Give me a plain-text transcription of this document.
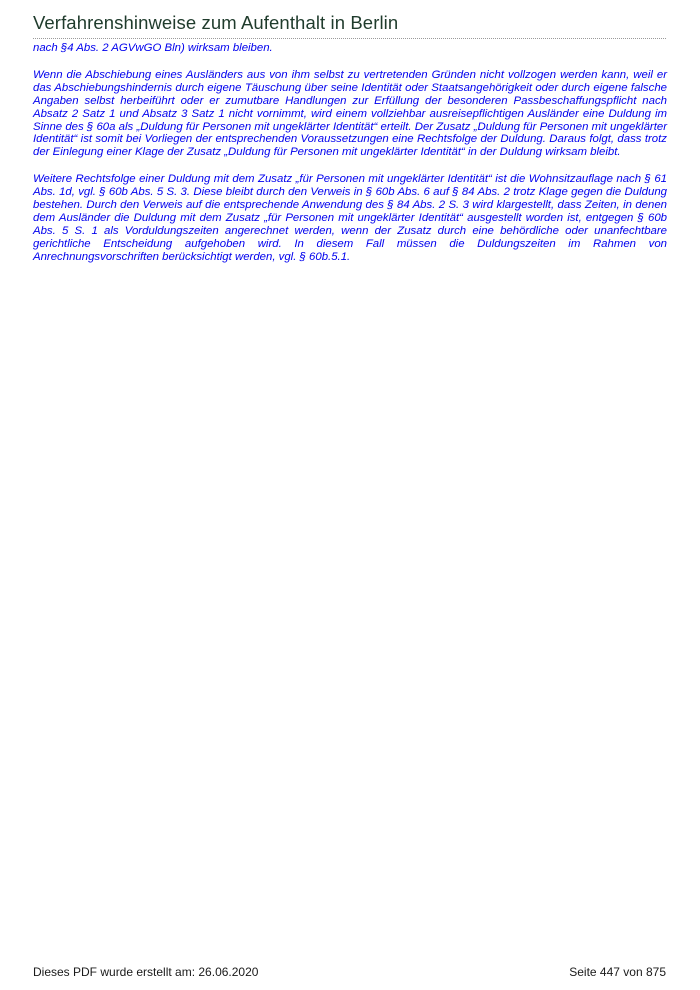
Verfahrenshinweise zum Aufenthalt in Berlin

nach §4 Abs. 2 AGVwGO Bln) wirksam bleiben.

Wenn die Abschiebung eines Ausländers aus von ihm selbst zu vertretenden Gründen nicht vollzogen werden kann, weil er das Abschiebungshindernis durch eigene Täuschung über seine Identität oder Staatsangehörigkeit oder durch eigene falsche Angaben selbst herbeiführt oder er zumutbare Handlungen zur Erfüllung der besonderen Passbeschaffungspflicht nach Absatz 2 Satz 1 und Absatz 3 Satz 1 nicht vornimmt, wird einem vollziehbar ausreisepflichtigen Ausländer eine Duldung im Sinne des § 60a als „Duldung für Personen mit ungeklärter Identität“ erteilt. Der Zusatz „Duldung für Personen mit ungeklärter Identität“ ist somit bei Vorliegen der entsprechenden Voraussetzungen eine Rechtsfolge der Duldung. Daraus folgt, dass trotz der Einlegung einer Klage der Zusatz „Duldung für Personen mit ungeklärter Identität“ in der Duldung wirksam bleibt.

Weitere Rechtsfolge einer Duldung mit dem Zusatz „für Personen mit ungeklärter Identität“ ist die Wohnsitzauflage nach § 61 Abs. 1d, vgl. § 60b Abs. 5 S. 3. Diese bleibt durch den Verweis in § 60b Abs. 6 auf § 84 Abs. 2 trotz Klage gegen die Duldung bestehen. Durch den Verweis auf die entsprechende Anwendung des § 84 Abs. 2 S. 3 wird klargestellt, dass Zeiten, in denen dem Ausländer die Duldung mit dem Zusatz „für Personen mit ungeklärter Identität“ ausgestellt worden ist, entgegen § 60b Abs. 5 S. 1 als Vorduldungszeiten angerechnet werden, wenn der Zusatz durch eine behördliche oder unanfechtbare gerichtliche Entscheidung aufgehoben wird. In diesem Fall müssen die Duldungszeiten im Rahmen von Anrechnungsvorschriften berücksichtigt werden, vgl. § 60b.5.1.

Dieses PDF wurde erstellt am: 26.06.2020	Seite 447 von 875
